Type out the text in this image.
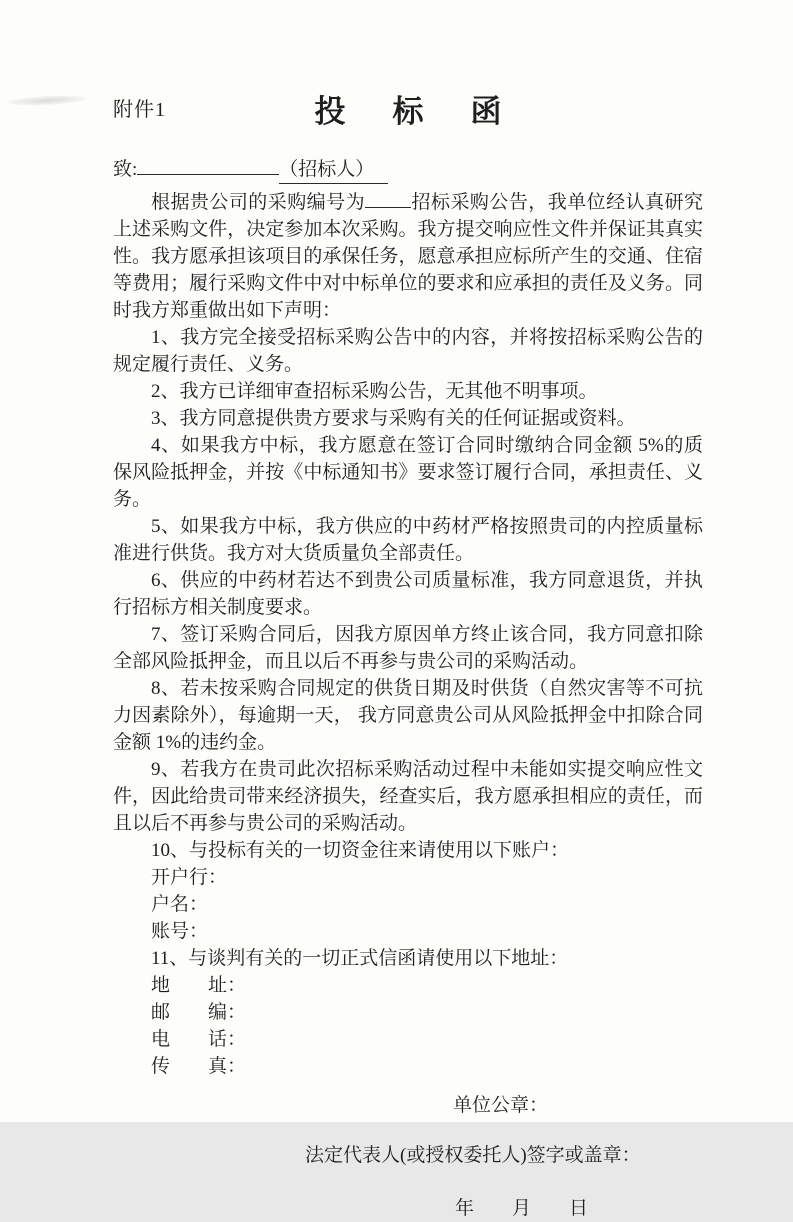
附件1	投　标　函
致:	（招标人）

根据贵公司的采购编号为 招标采购公告，我单位经认真研究上述采购文件，决定参加本次采购。我方提交响应性文件并保证其真实性。我方愿承担该项目的承保任务，愿意承担应标所产生的交通、住宿等费用；履行采购文件中对中标单位的要求和应承担的责任及义务。同时我方郑重做出如下声明：

1、我方完全接受招标采购公告中的内容，并将按招标采购公告的规定履行责任、义务。

2、我方已详细审查招标采购公告，无其他不明事项。

3、我方同意提供贵方要求与采购有关的任何证据或资料。

4、如果我方中标，我方愿意在签订合同时缴纳合同金额 5%的质保风险抵押金，并按《中标通知书》要求签订履行合同，承担责任、义务。

5、如果我方中标，我方供应的中药材严格按照贵司的内控质量标准进行供货。我方对大货质量负全部责任。

6、供应的中药材若达不到贵公司质量标准，我方同意退货，并执行招标方相关制度要求。

7、签订采购合同后，因我方原因单方终止该合同，我方同意扣除全部风险抵押金，而且以后不再参与贵公司的采购活动。

8、若未按采购合同规定的供货日期及时供货（自然灾害等不可抗力因素除外），每逾期一天， 我方同意贵公司从风险抵押金中扣除合同金额 1%的违约金。

9、若我方在贵司此次招标采购活动过程中未能如实提交响应性文件，因此给贵司带来经济损失，经查实后，我方愿承担相应的责任，而且以后不再参与贵公司的采购活动。

10、与投标有关的一切资金往来请使用以下账户：

开户行：

户名：

账号：

11、与谈判有关的一切正式信函请使用以下地址：

地　　址：

邮　　编：

电　　话：

传　　真：

单位公章：

法定代表人(或授权委托人)签字或盖章：

年　　月　　日
